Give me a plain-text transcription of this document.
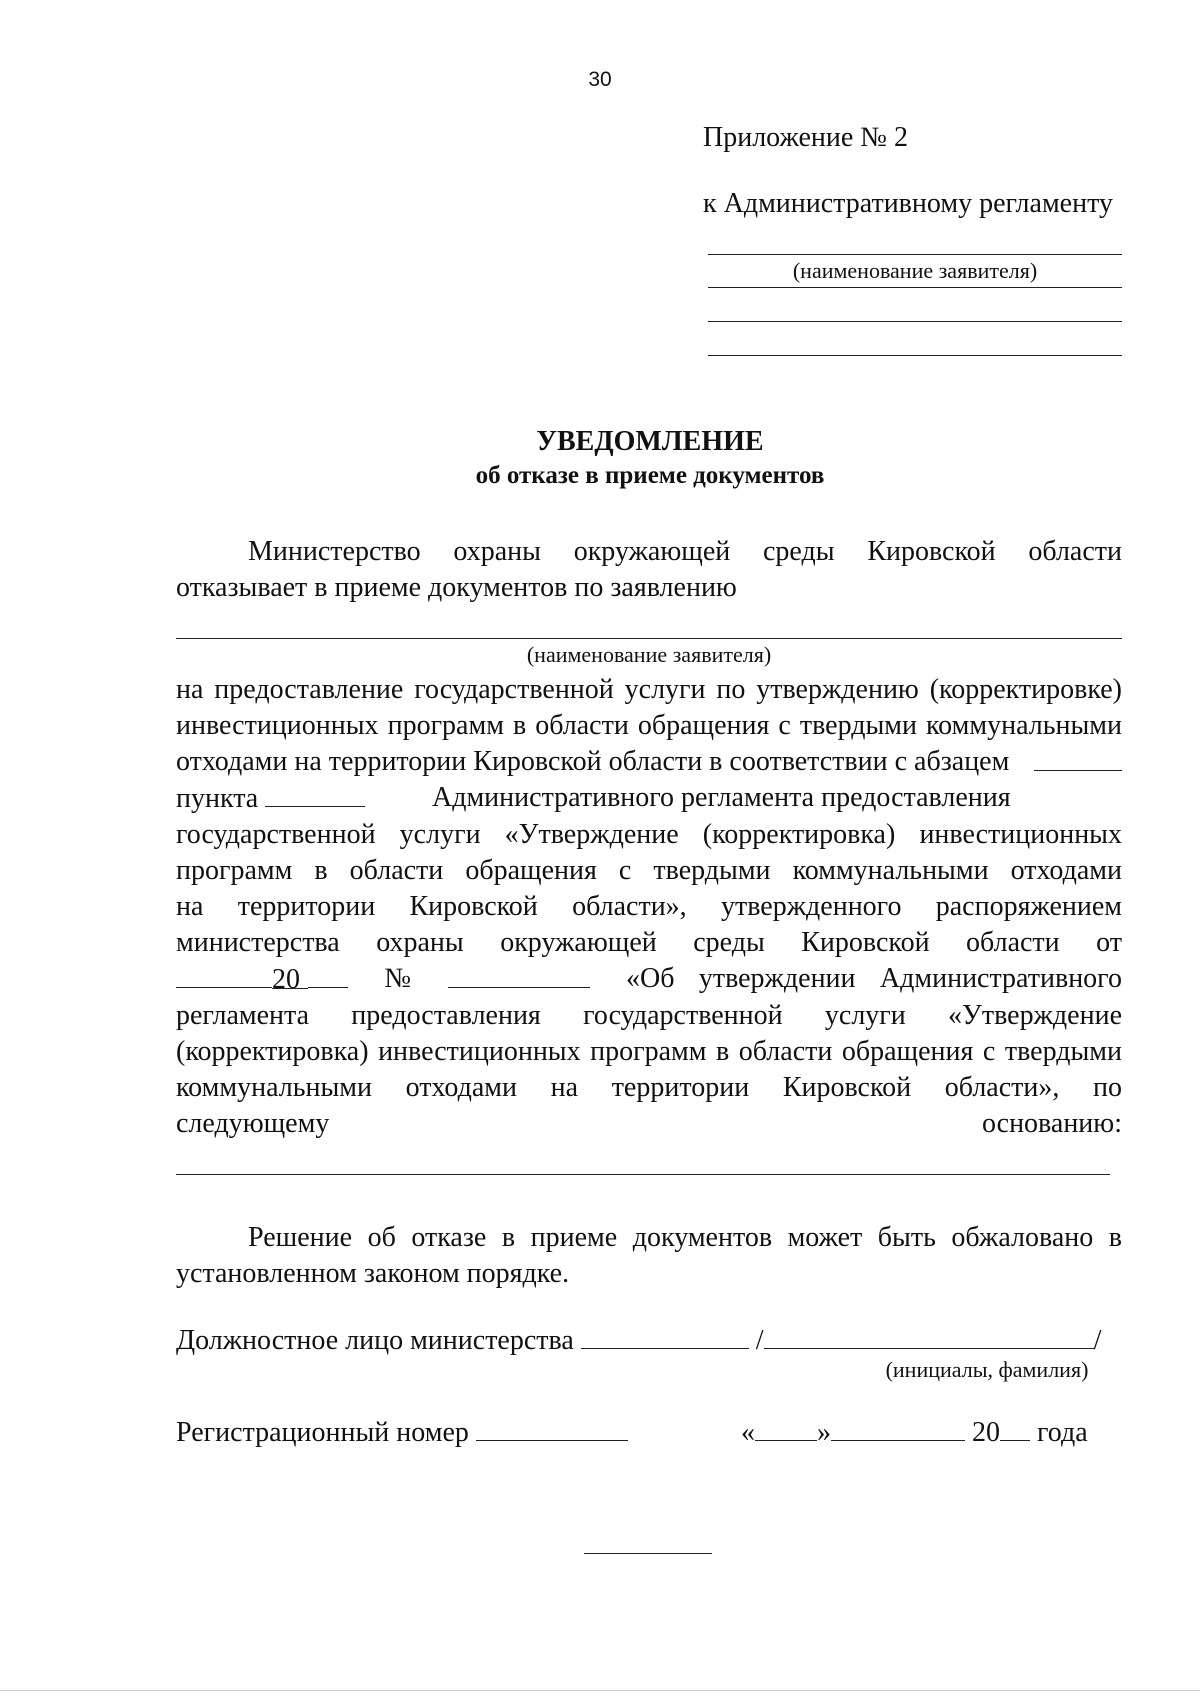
30
Приложение № 2
к Административному регламенту
(наименование заявителя)
УВЕДОМЛЕНИЕ
об отказе в приеме документов
Министерство охраны окружающей среды Кировской области
отказывает в приеме документов по заявлению
(наименование заявителя)
на предоставление государственной услуги по утверждению (корректировке)
инвестиционных программ в области обращения с твердыми коммунальными
отходами на территории Кировской области в соответствии с абзацем
пункта	Административного регламента предоставления
государственной услуги «Утверждение (корректировка) инвестиционных
программ в области обращения с твердыми коммунальными отходами
на территории Кировской области», утвержденного распоряжением
министерства охраны окружающей среды Кировской области от
20	№	«Об утверждении Административного
регламента предоставления государственной услуги «Утверждение
(корректировка) инвестиционных программ в области обращения с твердыми
коммунальными отходами на территории Кировской области», по
следующему	основанию:
Решение об отказе в приеме документов может быть обжаловано в
установленном законом порядке.
Должностное лицо министерства	/	/
(инициалы, фамилия)
Регистрационный номер	« »	20 года
